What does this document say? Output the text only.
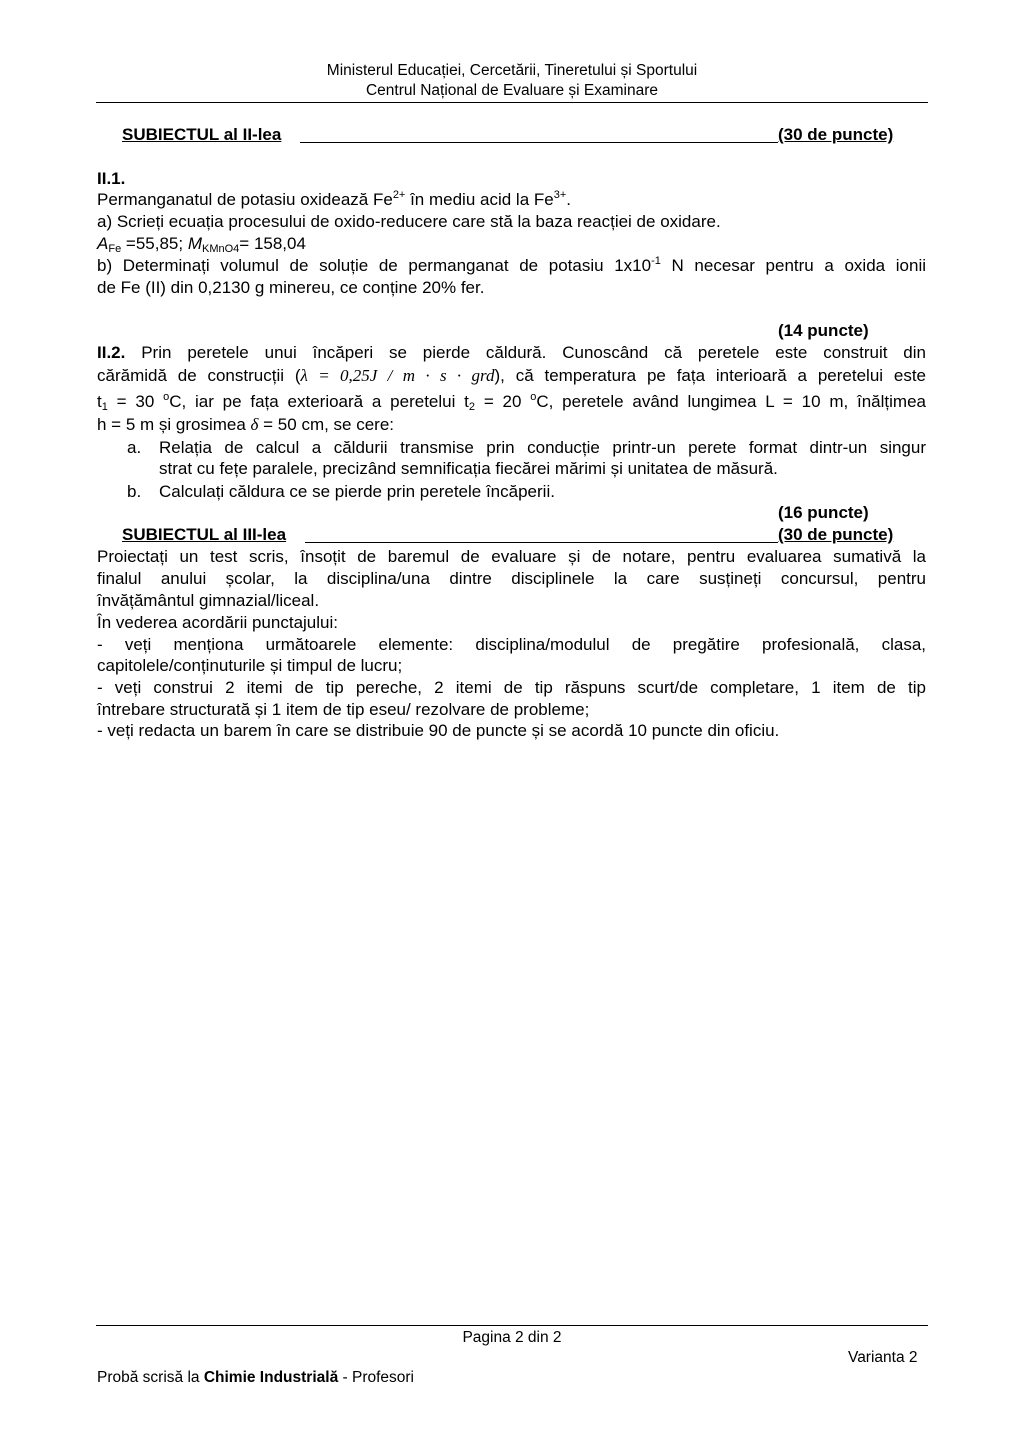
Ministerul Educației, Cercetării, Tineretului și Sportului
Centrul Național de Evaluare și Examinare
SUBIECTUL al II-lea	(30 de puncte)
II.1.
Permanganatul de potasiu oxidează $Fe^{2+}$ în mediu acid la $Fe^{3+}$.
a) Scrieți ecuația procesului de oxido-reducere care stă la baza reacției de oxidare.
$A_{Fe} =55,85$; $M_{KMnO4}= 158,04$
b) Determinați volumul de soluție de permanganat de potasiu $1x10^{-1}$ N necesar pentru a oxida ionii
de Fe (II) din 0,2130 g minereu, ce conține 20% fer.
(14 puncte)
II.2. Prin peretele unui încăperi se pierde căldură. Cunoscând că peretele este construit din
cărămidă de construcții (λ = 0,25J / m · s · grd), că temperatura pe fața interioară a peretelui este
$t_1 = 30$ $^o$C, iar pe fața exterioară a peretelui $t_2 = 20$ $^o$C, peretele având lungimea L = 10 m, înălțimea
h = 5 m și grosimea δ = 50 cm, se cere:
a. Relația de calcul a căldurii transmise prin conducție printr-un perete format dintr-un singur
strat cu fețe paralele, precizând semnificația fiecărei mărimi și unitatea de măsură.
b. Calculați căldura ce se pierde prin peretele încăperii.
(16 puncte)
SUBIECTUL al III-lea	(30 de puncte)
Proiectați un test scris, însoțit de baremul de evaluare și de notare, pentru evaluarea sumativă la
finalul anului școlar, la disciplina/una dintre disciplinele la care susțineți concursul, pentru
învățământul gimnazial/liceal.
În vederea acordării punctajului:
- veți menționa următoarele elemente: disciplina/modulul de pregătire profesională, clasa,
capitolele/conținuturile și timpul de lucru;
- veți construi 2 itemi de tip pereche, 2 itemi de tip răspuns scurt/de completare, 1 item de tip
întrebare structurată și 1 item de tip eseu/ rezolvare de probleme;
- veți redacta un barem în care se distribuie 90 de puncte și se acordă 10 puncte din oficiu.
Pagina 2 din 2
Varianta 2
Probă scrisă la Chimie Industrială - Profesori
